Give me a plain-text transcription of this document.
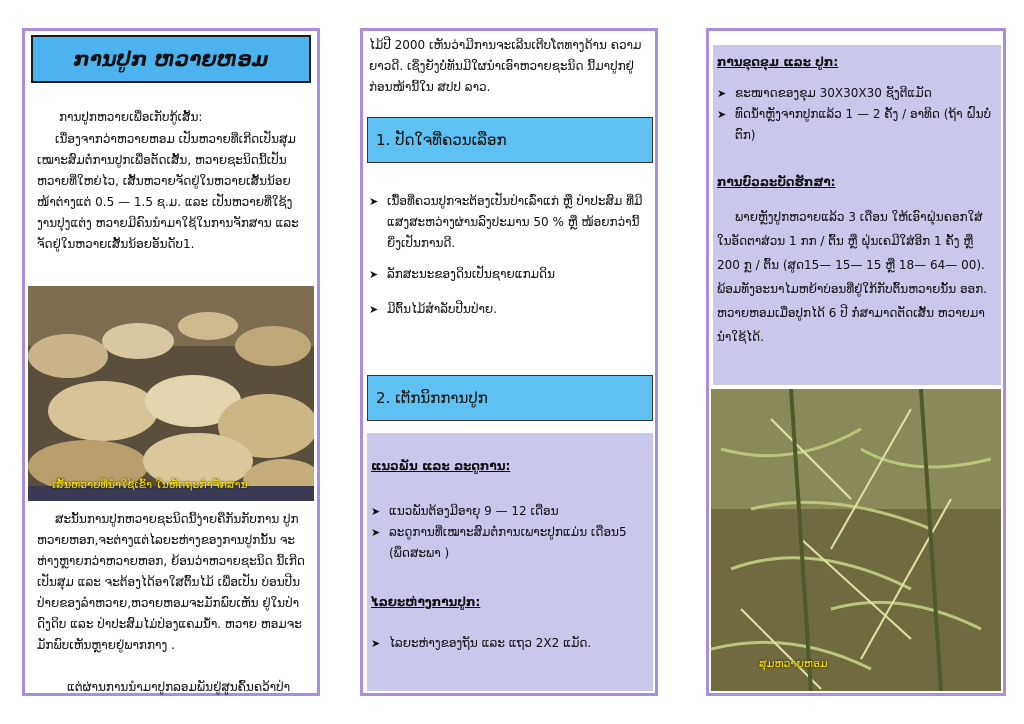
ການປູກ ຫວາຍຫອມ
ການປູກຫວາຍເພື່ອເກັບກູ້ເສັ້ນ:
ເນື່ອງຈາກວ່າຫວາຍຫອມ ເປັນຫວາຍທີ່ເກີດເປັນສຸມ ເໝາະສົມຕໍ່ການປູກເພື່ອຕັດເສັ້ນ, ຫວາຍຊະນິດນີ້ເປັນ ຫວາຍທີ່ໃຫຍ່ໄວ, ເສັ້ນຫວາຍຈັດຢູ່ໃນຫວາຍເສັ້ນນ້ອຍ ໜ້າຕ່າງແຕ່ 0.5 — 1.5 ຊ.ມ. ແລະ ເປັນຫວາຍທີ່ໃຊ້ງ ງານປຸງແຕ່ງ ຫວາຍມີຄົນນຳມາໃຊ້ໃນການຈັກສານ ແລະ ຈັດຢູ່ໃນຫວາຍເສັ້ນນ້ອຍອັນດັບ1.
ເສັ້ນຫວາຍທີ່ນຳໃຊ້ເຂົ້າ ໃນຫັດຖະກຳຈັກສານ
ສະນັ້ນການປູກຫວາຍຊະນິດນີ້ງ່າຍຄືກັນກັບການ ປູກຫວາຍຫອກ,ຈະຕ່າງແຕ່ໄລຍະຫ່າງຂອງການປູກນັ້ນ ຈະຫ່າງຫຼາຍກວ່າຫວາຍຫອກ, ຍ້ອນວ່າຫວາຍຊະນິດ ນີ້ເກີດເປັນສຸມ ແລະ ຈະຕ້ອງໄດ້ອາໃສຕົ້ນໄມ້ ເພື່ອເປັນ ບ່ອນປີນປ່າຍຂອງລຳຫວາຍ,ຫວາຍຫອມຈະມັກພົບເຫັນ ຢູ່ໃນປ່າດົງດິບ ແລະ ປ່າປະສົມໄມ່ປ່ອງແຄມນ້ຳ. ຫວາຍ ຫອມຈະມັກພົບເຫັນຫຼາຍຢູ່ພາກກາງ .
ແຕ່ຜ່ານການນຳມາປູກລອມພັນຢູ່ສູນຄົ້ນຄວ້າປ່າ
ໄມ້ປີ 2000 ເຫັນວ່າມີການຈະເລີນເຕີບໂຕທາງດ້ານ ຄວາມຍາວດີ. ເຊິ່ງຍັງບໍ່ທັນມີໃຜນຳເອົາຫວາຍຊະນິດ ນີ້ມາປູກຢູ່ກ່ອນໜ້ານີ້ໃນ ສປປ ລາວ.
1. ປັດໃຈທີ່ຄວນເລືອກ
➤ ເນື້ອທີ່ຄວນປູກຈະຕ້ອງເປັນປ່າເລົ່າແກ່ ຫຼື ປ່າປະສົມ ທີ່ມີແສງສະຫວ່າງຜ່ານລົງປະມານ 50 % ຫຼື ໜ້ອຍກວ່ານີ້ ຍິ່ງເປັນການດີ.
➤ ລັກສະນະຂອງດິນເປັນຊາຍແກມດິນ
➤ ມີຕົ້ນໄມ້ສຳລັບປີນປ່າຍ.
2. ເຕັກນິກການປູກ
ແນວພັນ ແລະ ລະດູການ:
➤ ແນວພັນຕ້ອງມີອາຍຸ 9 — 12 ເດືອນ
➤ ລະດູການທີ່ເໝາະສົມຕໍ່ການເພາະປູກແມ່ນ ເດືອນ5 (ພຶດສະພາ )
ໄລຍະຫ່າງການປູກ:
➤ ໄລຍະຫ່າງຂອງຖັນ ແລະ ແຖວ 2X2 ແມັດ.
ການຂຸດຂຸມ ແລະ ປູກ:
➤ ຂະໜາດຂອງຂຸມ 30X30X30 ຊັງຕີແມັດ
➤ ທົດນ້ຳຫຼັງຈາກປູກແລ້ວ 1 — 2 ຄັ້ງ / ອາທິດ (ຖ້າ ຝົນບໍ່ຕົກ)
ການບົວລະບັດຮັກສາ:
ພາຍຫຼັງປູກຫວາຍແລ້ວ 3 ເດືອນ ໃຫ້ເອົາຝຸ່ນຄອກໃສ່ ໃນອັດຕາສ່ວນ 1 ກກ / ຕົ້ນ ຫຼື ຝຸ່ນເຄມີໃສ່ອີກ 1 ຄັ້ງ ຫຼື 200 ກຼ / ຕົ້ນ (ສູດ15— 15— 15 ຫຼື 18— 64— 00). ພ້ອມທັງອະນາໄມຫຍ້າບ່ອນທີ່ຢູ່ໃກ້ກັບຕົ້ນຫວາຍນັ້ນ ອອກ. ຫວາຍຫອມເມື່ອປູກໄດ້ 6 ປີ ກໍ່ສາມາດຕັດເສັ້ນ ຫວາຍມານຳໃຊ້ໄດ້.
ສຸມຫວາຍຫອມ
